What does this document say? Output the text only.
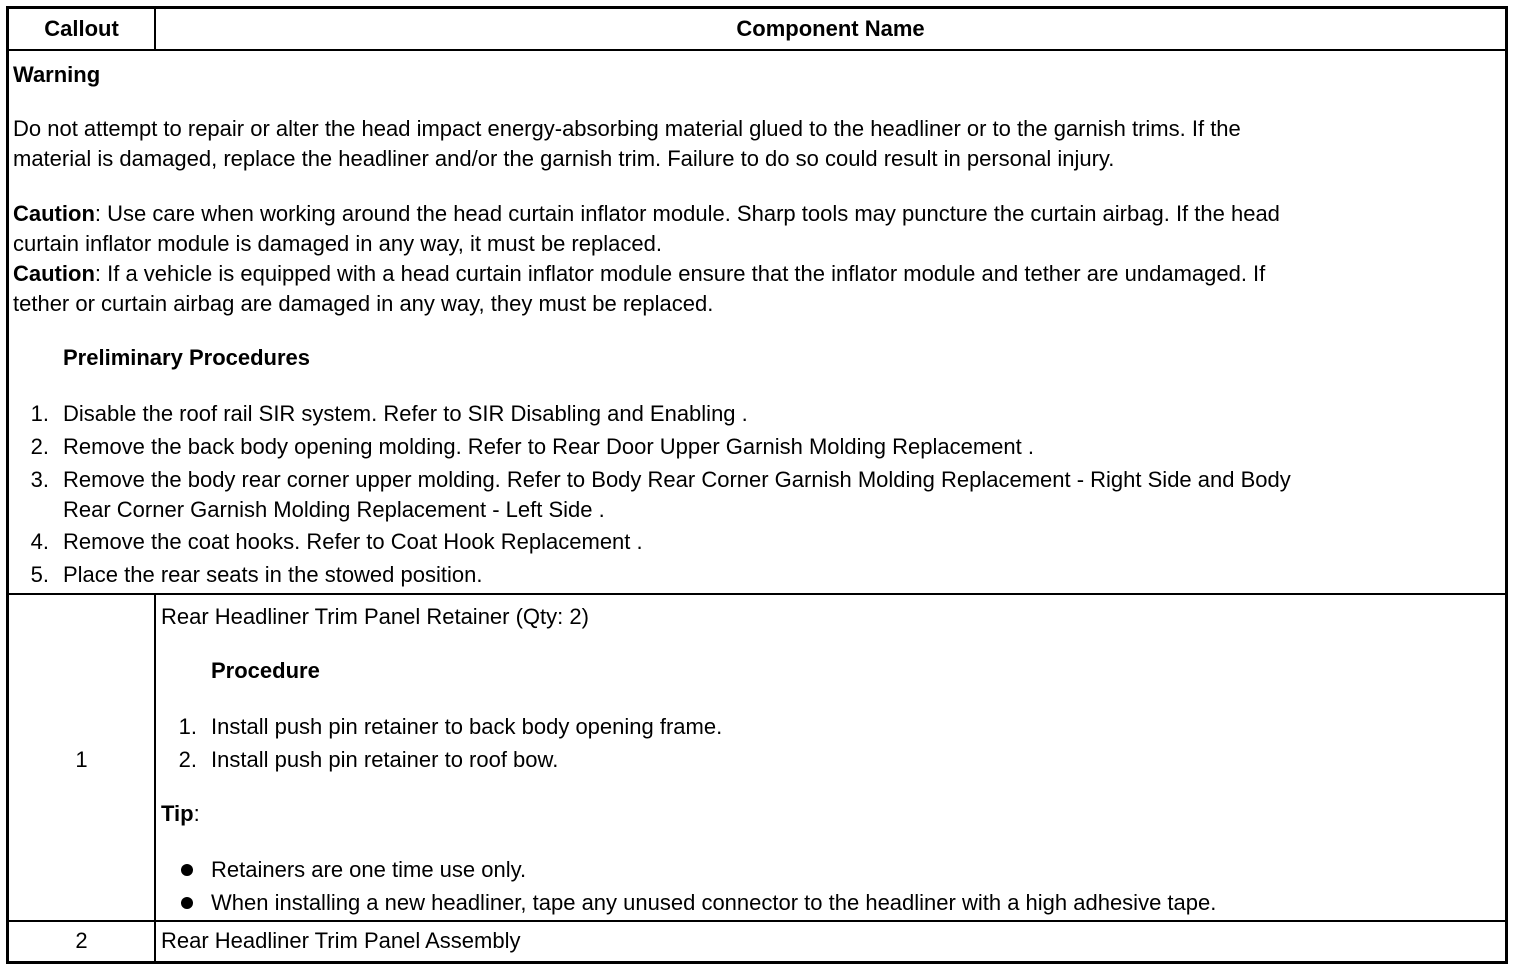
Callout	Component Name
Warning
Do not attempt to repair or alter the head impact energy-absorbing material glued to the headliner or to the garnish trims. If the
material is damaged, replace the headliner and/or the garnish trim. Failure to do so could result in personal injury.
Caution: Use care when working around the head curtain inflator module. Sharp tools may puncture the curtain airbag. If the head
curtain inflator module is damaged in any way, it must be replaced.
Caution: If a vehicle is equipped with a head curtain inflator module ensure that the inflator module and tether are undamaged. If
tether or curtain airbag are damaged in any way, they must be replaced.
Preliminary Procedures
1. Disable the roof rail SIR system. Refer to SIR Disabling and Enabling .
2. Remove the back body opening molding. Refer to Rear Door Upper Garnish Molding Replacement .
3. Remove the body rear corner upper molding. Refer to Body Rear Corner Garnish Molding Replacement - Right Side and Body
Rear Corner Garnish Molding Replacement - Left Side .
4. Remove the coat hooks. Refer to Coat Hook Replacement .
5. Place the rear seats in the stowed position.
1
Rear Headliner Trim Panel Retainer (Qty: 2)
Procedure
1. Install push pin retainer to back body opening frame.
2. Install push pin retainer to roof bow.
Tip:
Retainers are one time use only.
When installing a new headliner, tape any unused connector to the headliner with a high adhesive tape.
2	Rear Headliner Trim Panel Assembly
